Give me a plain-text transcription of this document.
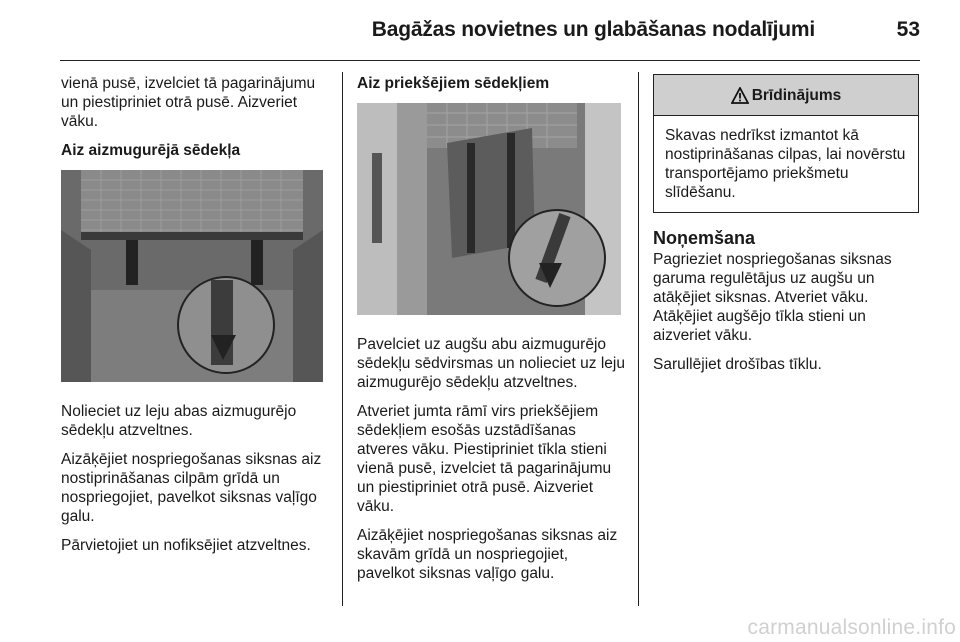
Bagāžas novietnes un glabāšanas nodalījumi	53

vienā pusē, izvelciet tā pagarinājumu un piestipriniet otrā pusē. Aizveriet vāku.

Aiz aizmugurējā sēdekļa

Nolieciet uz leju abas aizmugurējo sēdekļu atzveltnes.

Aizāķējiet nospriegošanas siksnas aiz nostiprināšanas cilpām grīdā un nospriegojiet, pavelkot siksnas vaļīgo galu.

Pārvietojiet un nofiksējiet atzveltnes.

Aiz priekšējiem sēdekļiem

Pavelciet uz augšu abu aizmugurējo sēdekļu sēdvirsmas un nolieciet uz leju aizmugurējo sēdekļu atzveltnes.

Atveriet jumta rāmī virs priekšējiem sēdekļiem esošās uzstādīšanas atveres vāku. Piestipriniet tīkla stieni vienā pusē, izvelciet tā pagarinājumu un piestipriniet otrā pusē. Aizveriet vāku.

Aizāķējiet nospriegošanas siksnas aiz skavām grīdā un nospriegojiet, pavelkot siksnas vaļīgo galu.

Brīdinājums
Skavas nedrīkst izmantot kā nostiprināšanas cilpas, lai novērstu transportējamo priekšmetu slīdēšanu.
Noņemšana

Pagrieziet nospriegošanas siksnas garuma regulētājus uz augšu un atāķējiet siksnas. Atveriet vāku. Atāķējiet augšējo tīkla stieni un aizveriet vāku.

Sarullējiet drošības tīklu.

carmanualsonline.info
